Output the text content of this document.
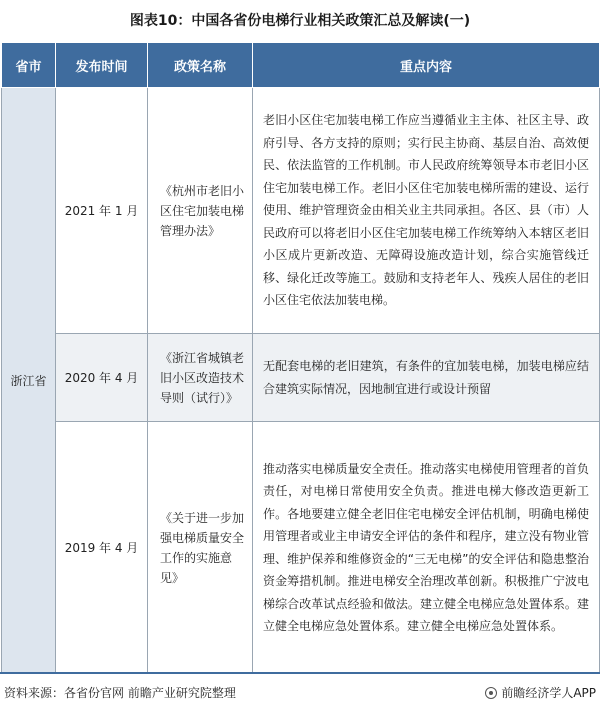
图表10：中国各省份电梯行业相关政策汇总及解读(一)
省市	发布时间	政策名称	重点内容
浙江省	2021 年 1 月	《杭州市老旧小区住宅加装电梯管理办法》	老旧小区住宅加装电梯工作应当遵循业主主体、社区主导、政府引导、各方支持的原则；实行民主协商、基层自治、高效便民、依法监管的工作机制。市人民政府统筹领导本市老旧小区住宅加装电梯工作。老旧小区住宅加装电梯所需的建设、运行使用、维护管理资金由相关业主共同承担。各区、县（市）人民政府可以将老旧小区住宅加装电梯工作统筹纳入本辖区老旧小区成片更新改造、无障碍设施改造计划，综合实施管线迁移、绿化迁改等施工。鼓励和支持老年人、残疾人居住的老旧小区住宅依法加装电梯。
	2020 年 4 月	《浙江省城镇老旧小区改造技术导则（试行）》	无配套电梯的老旧建筑，有条件的宜加装电梯，加装电梯应结合建筑实际情况，因地制宜进行或设计预留
	2019 年 4 月	《关于进一步加强电梯质量安全工作的实施意见》	推动落实电梯质量安全责任。推动落实电梯使用管理者的首负责任，对电梯日常使用安全负责。推进电梯大修改造更新工作。各地要建立健全老旧住宅电梯安全评估机制，明确电梯使用管理者或业主申请安全评估的条件和程序，建立没有物业管理、维护保养和维修资金的“三无电梯”的安全评估和隐患整治资金筹措机制。推进电梯安全治理改革创新。积极推广宁波电梯综合改革试点经验和做法。建立健全电梯应急处置体系。建立健全电梯应急处置体系。建立健全电梯应急处置体系。
资料来源：各省份官网 前瞻产业研究院整理	前瞻经济学人APP
